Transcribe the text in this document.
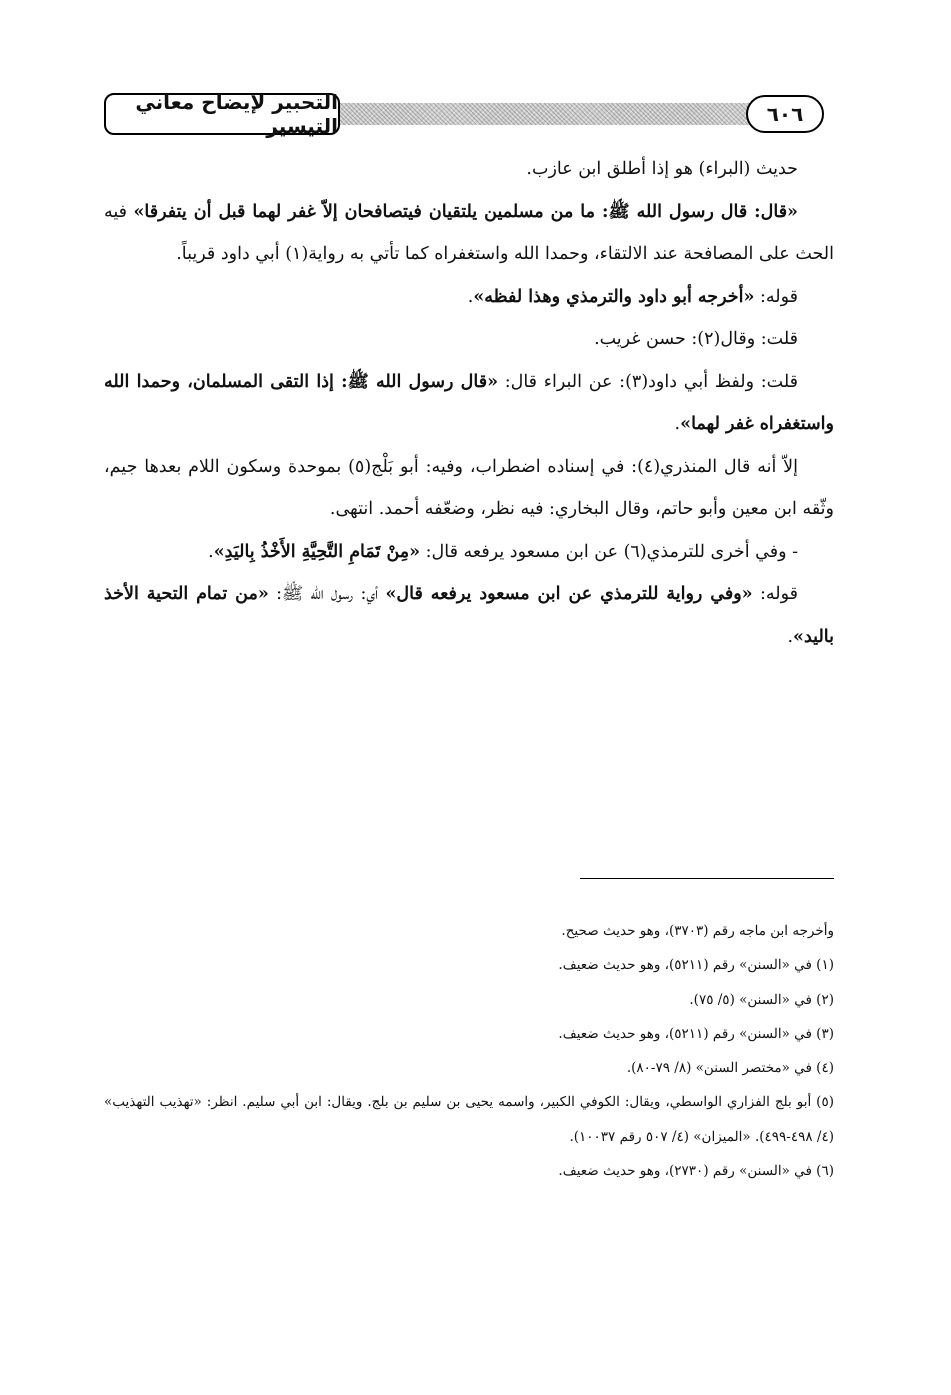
التحبير لإيضاح معاني التيسير	٦٠٦

حديث (البراء) هو إذا أطلق ابن عازب.

«قال: قال رسول الله ﷺ: ما من مسلمين يلتقيان فيتصافحان إلاّ غفر لهما قبل أن يتفرقا» فيه الحث على المصافحة عند الالتقاء، وحمدا الله واستغفراه كما تأتي به رواية(١) أبي داود قريباً.

قوله: «أخرجه أبو داود والترمذي وهذا لفظه».

قلت: وقال(٢): حسن غريب.

قلت: ولفظ أبي داود(٣): عن البراء قال: «قال رسول الله ﷺ: إذا التقى المسلمان، وحمدا الله واستغفراه غفر لهما».

إلاّ أنه قال المنذري(٤): في إسناده اضطراب، وفيه: أبو بَلْج(٥) بموحدة وسكون اللام بعدها جيم، وثّقه ابن معين وأبو حاتم، وقال البخاري: فيه نظر، وضعّفه أحمد. انتهى.

- وفي أخرى للترمذي(٦) عن ابن مسعود يرفعه قال: «مِنْ تَمَامِ التَّحِيَّةِ الأَخْذُ بِاليَدِ».

قوله: «وفي رواية للترمذي عن ابن مسعود يرفعه قال» أي: رسول الله ﷺ: «من تمام التحية الأخذ باليد».

وأخرجه ابن ماجه رقم (٣٧٠٣)، وهو حديث صحيح.

(١) في «السنن» رقم (٥٢١١)، وهو حديث ضعيف.

(٢) في «السنن» (٥/ ٧٥).

(٣) في «السنن» رقم (٥٢١١)، وهو حديث ضعيف.

(٤) في «مختصر السنن» (٨/ ٧٩-٨٠).

(٥) أبو بلج الفزاري الواسطي، ويقال: الكوفي الكبير، واسمه يحيى بن سليم بن بلج. ويقال: ابن أبي سليم. انظر: «تهذيب التهذيب» (٤/ ٤٩٨-٤٩٩). «الميزان» (٤/ ٥٠٧ رقم ١٠٠٣٧).

(٦) في «السنن» رقم (٢٧٣٠)، وهو حديث ضعيف.
